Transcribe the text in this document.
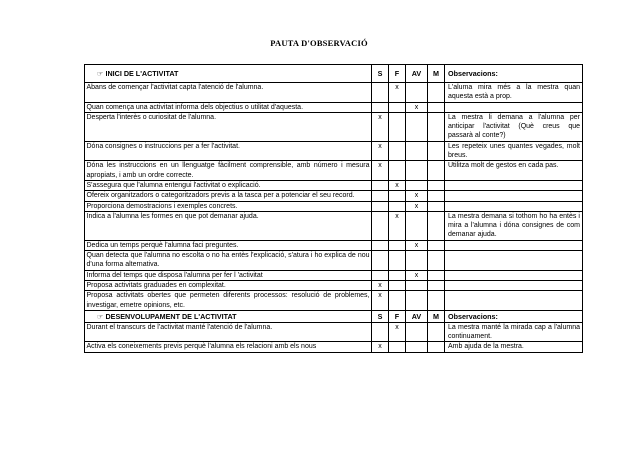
PAUTA D'OBSERVACIÓ
☞ INICI DE L'ACTIVITAT	S	F	AV	M	Observacions:
Abans de començar l'activitat capta l'atenció de l'alumna.		x			L'aluma mira més a la mestra quan aquesta està a prop.
Quan comença una activitat informa dels objectius o utilitat d'aquesta.			x		
Desperta l'interès o curiositat de l'alumna.	x				La mestra li demana a l'alumna per anticipar l'activitat (Què creus que passarà al conte?)
Dóna consignes o instruccions per a fer l'activitat.	x				Les repeteix unes quantes vegades, molt breus.
Dóna les instruccions en un llenguatge fàcilment comprensible, amb número i mesura apropiats, i amb un ordre correcte.	x				Utilitza molt de gestos en cada pas.
S'assegura que l'alumna entengui l'activitat o explicació.		x			
Ofereix organitzadors o categoritzadors previs a la tasca per a potenciar el seu record.			x		
Proporciona demostracions i exemples concrets.			x		
Indica a l'alumna les formes en que pot demanar ajuda.		x			La mestra demana si tothom ho ha entès i mira a l'alumna i dóna consignes de com demanar ajuda.
Dedica un temps perquè l'alumna faci preguntes.			x		
Quan detecta que l'alumna no escolta o no ha entès l'explicació, s'atura i ho explica de nou d'una forma alternativa.					
Informa del temps que disposa l'alumna per fer l 'activitat			x		
Proposa activitats graduades en complexitat.	x				
Proposa activitats obertes que permeten diferents processos: resolució de problemes, investigar, emetre opinions, etc.	x				
☞ DESENVOLUPAMENT DE L'ACTIVITAT	S	F	AV	M	Observacions:
Durant el transcurs de l'activitat manté l'atenció de l'alumna.		x			La mestra manté la mirada cap a l'alumna continuament.
Activa els coneixements previs perquè l'alumna els relacioni amb els nous	x				Amb ajuda de la mestra.
